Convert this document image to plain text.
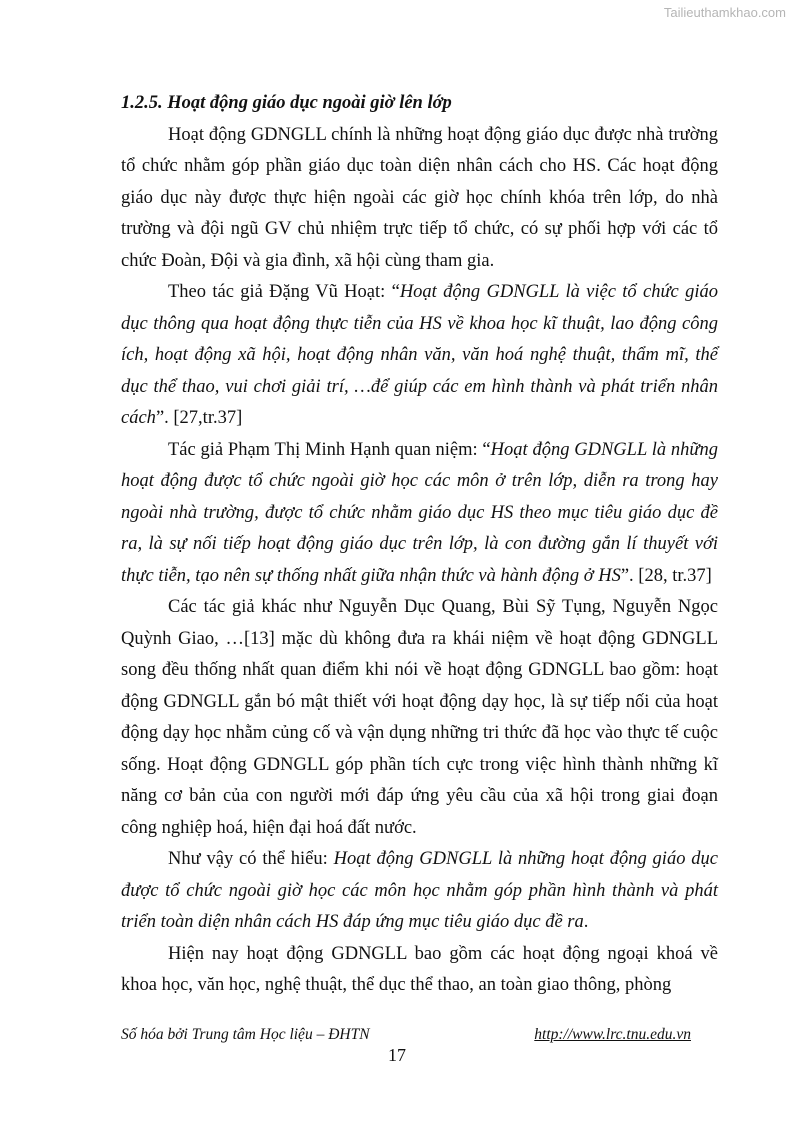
Tailieuthamkhao.com
1.2.5. Hoạt động giáo dục ngoài giờ lên lớp

Hoạt động GDNGLL chính là những hoạt động giáo dục được nhà trường tổ chức nhằm góp phần giáo dục toàn diện nhân cách cho HS. Các hoạt động giáo dục này được thực hiện ngoài các giờ học chính khóa trên lớp, do nhà trường và đội ngũ GV chủ nhiệm trực tiếp tổ chức, có sự phối hợp với các tổ chức Đoàn, Đội và gia đình, xã hội cùng tham gia.

Theo tác giả Đặng Vũ Hoạt: “Hoạt động GDNGLL là việc tổ chức giáo dục thông qua hoạt động thực tiễn của HS về khoa học kĩ thuật, lao động công ích, hoạt động xã hội, hoạt động nhân văn, văn hoá nghệ thuật, thẩm mĩ, thể dục thể thao, vui chơi giải trí, …để giúp các em hình thành và phát triển nhân cách”. [27,tr.37]

Tác giả Phạm Thị Minh Hạnh quan niệm: “Hoạt động GDNGLL là những hoạt động được tổ chức ngoài giờ học các môn ở trên lớp, diễn ra trong hay ngoài nhà trường, được tổ chức nhằm giáo dục HS theo mục tiêu giáo dục đề ra, là sự nối tiếp hoạt động giáo dục trên lớp, là con đường gắn lí thuyết với thực tiễn, tạo nên sự thống nhất giữa nhận thức và hành động ở HS”. [28, tr.37]

Các tác giả khác như Nguyễn Dục Quang, Bùi Sỹ Tụng, Nguyễn Ngọc Quỳnh Giao, …[13] mặc dù không đưa ra khái niệm về hoạt động GDNGLL song đều thống nhất quan điểm khi nói về hoạt động GDNGLL bao gồm: hoạt động GDNGLL gắn bó mật thiết với hoạt động dạy học, là sự tiếp nối của hoạt động dạy học nhằm củng cố và vận dụng những tri thức đã học vào thực tế cuộc sống. Hoạt động GDNGLL góp phần tích cực trong việc hình thành những kĩ năng cơ bản của con người mới đáp ứng yêu cầu của xã hội trong giai đoạn công nghiệp hoá, hiện đại hoá đất nước.

Như vậy có thể hiểu: Hoạt động GDNGLL là những hoạt động giáo dục được tổ chức ngoài giờ học các môn học nhằm góp phần hình thành và phát triển toàn diện nhân cách HS đáp ứng mục tiêu giáo dục đề ra.

Hiện nay hoạt động GDNGLL bao gồm các hoạt động ngoại khoá về khoa học, văn học, nghệ thuật, thể dục thể thao, an toàn giao thông, phòng

Số hóa bởi Trung tâm Học liệu – ĐHTN	http://www.lrc.tnu.edu.vn
17
